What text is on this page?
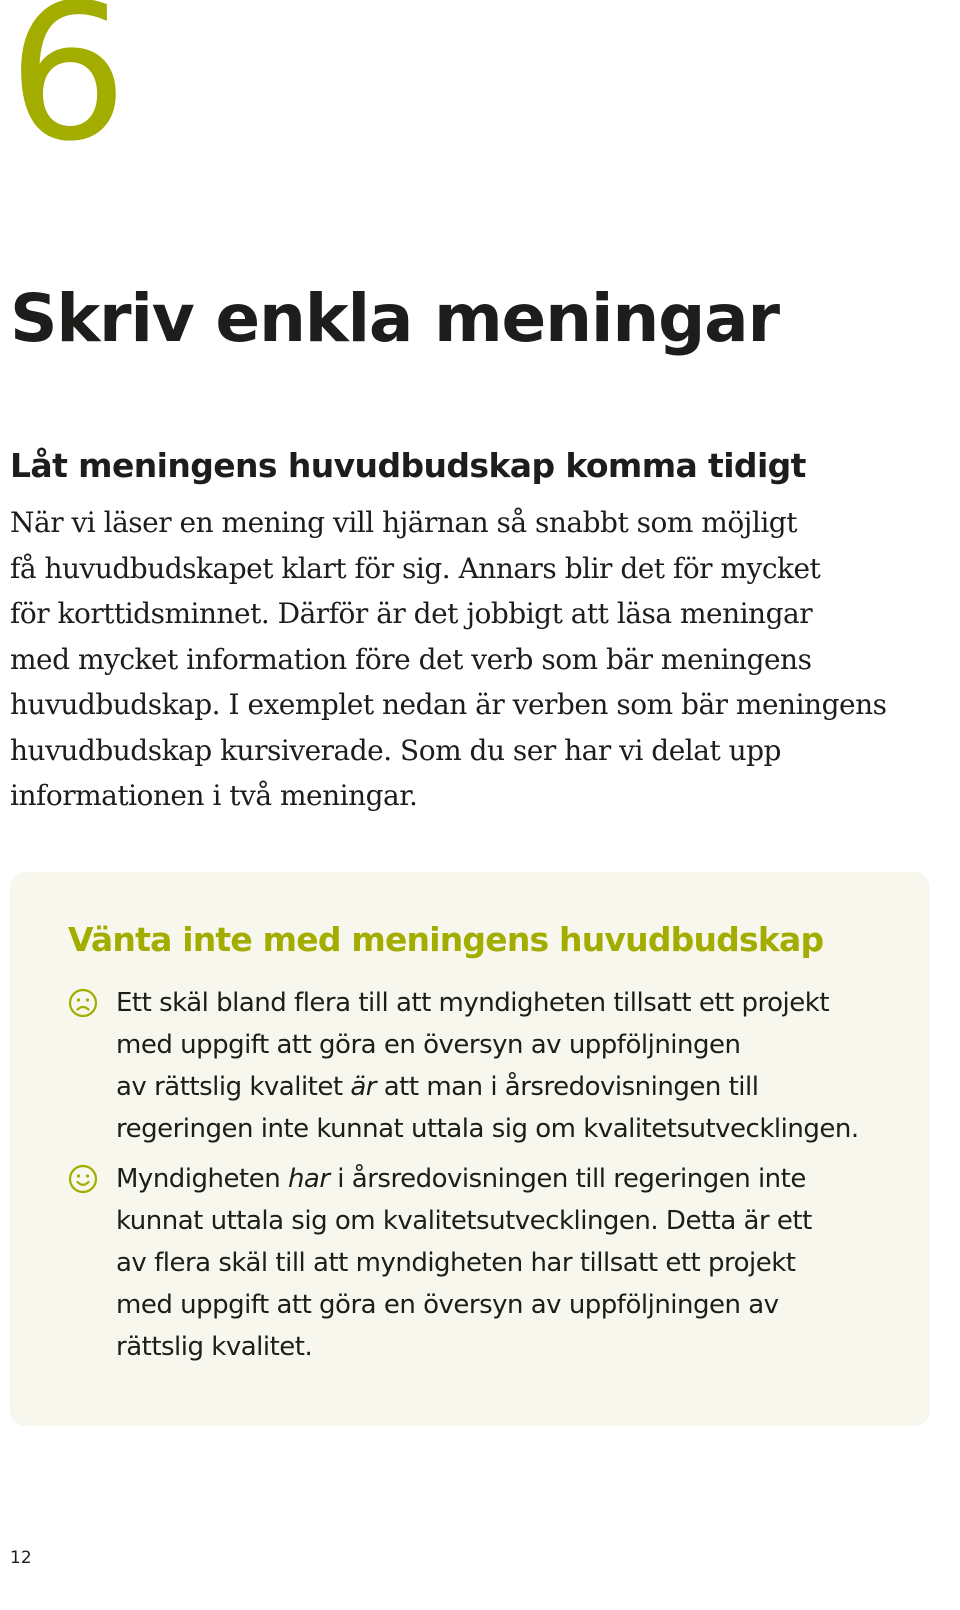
6
Skriv enkla meningar
Låt meningens huvudbudskap komma tidigt
När vi läser en mening vill hjärnan så snabbt som möjligt
få huvudbudskapet klart för sig. Annars blir det för mycket
för korttidsminnet. Därför är det jobbigt att läsa meningar
med mycket information före det verb som bär meningens
huvudbudskap. I exemplet nedan är verben som bär meningens
huvudbudskap kursiverade. Som du ser har vi delat upp
informationen i två meningar.
Vänta inte med meningens huvudbudskap
Ett skäl bland flera till att myndigheten tillsatt ett projekt
med uppgift att göra en översyn av uppföljningen
av rättslig kvalitet är att man i årsredovisningen till
regeringen inte kunnat uttala sig om kvalitetsutvecklingen.
Myndigheten har i årsredovisningen till regeringen inte
kunnat uttala sig om kvalitetsutvecklingen. Detta är ett
av flera skäl till att myndigheten har tillsatt ett projekt
med uppgift att göra en översyn av uppföljningen av
rättslig kvalitet.
12
